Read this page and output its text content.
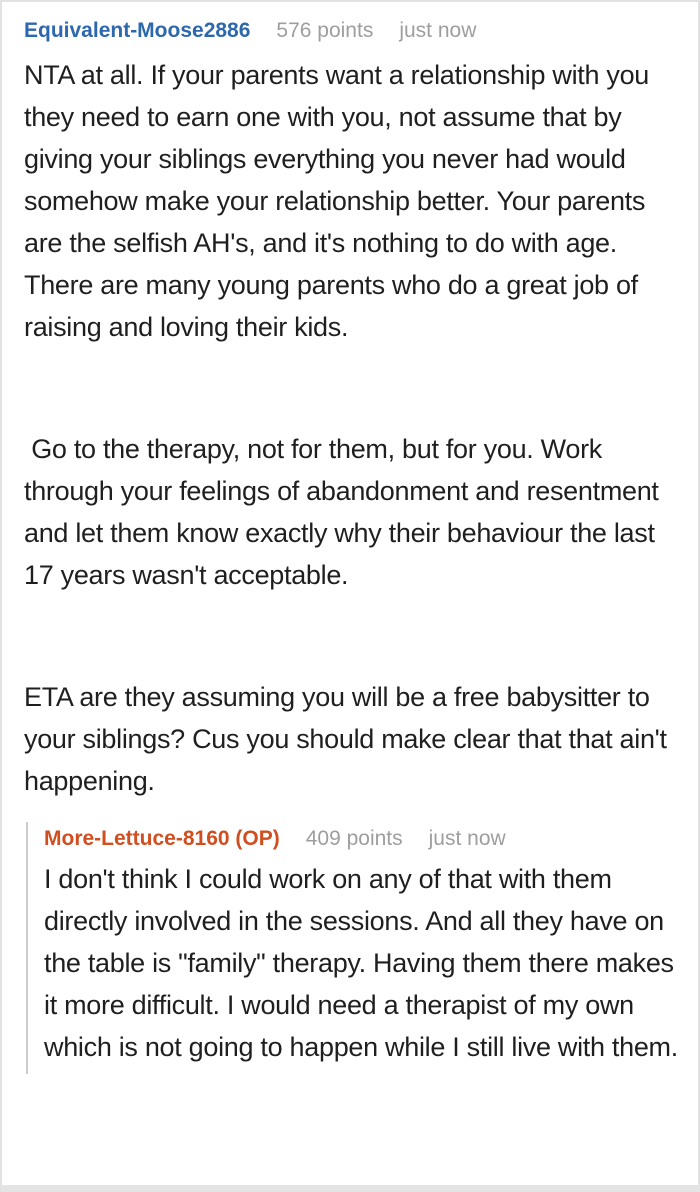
Equivalent-Moose2886 576 points just now

NTA at all. If your parents want a relationship with you they need to earn one with you, not assume that by giving your siblings everything you never had would somehow make your relationship better. Your parents are the selfish AH's, and it's nothing to do with age. There are many young parents who do a great job of raising and loving their kids.

Go to the therapy, not for them, but for you. Work through your feelings of abandonment and resentment and let them know exactly why their behaviour the last 17 years wasn't acceptable.

ETA are they assuming you will be a free babysitter to your siblings? Cus you should make clear that that ain't happening.

More-Lettuce-8160 (OP) 409 points just now

I don't think I could work on any of that with them directly involved in the sessions. And all they have on the table is "family" therapy. Having them there makes it more difficult. I would need a therapist of my own which is not going to happen while I still live with them.
